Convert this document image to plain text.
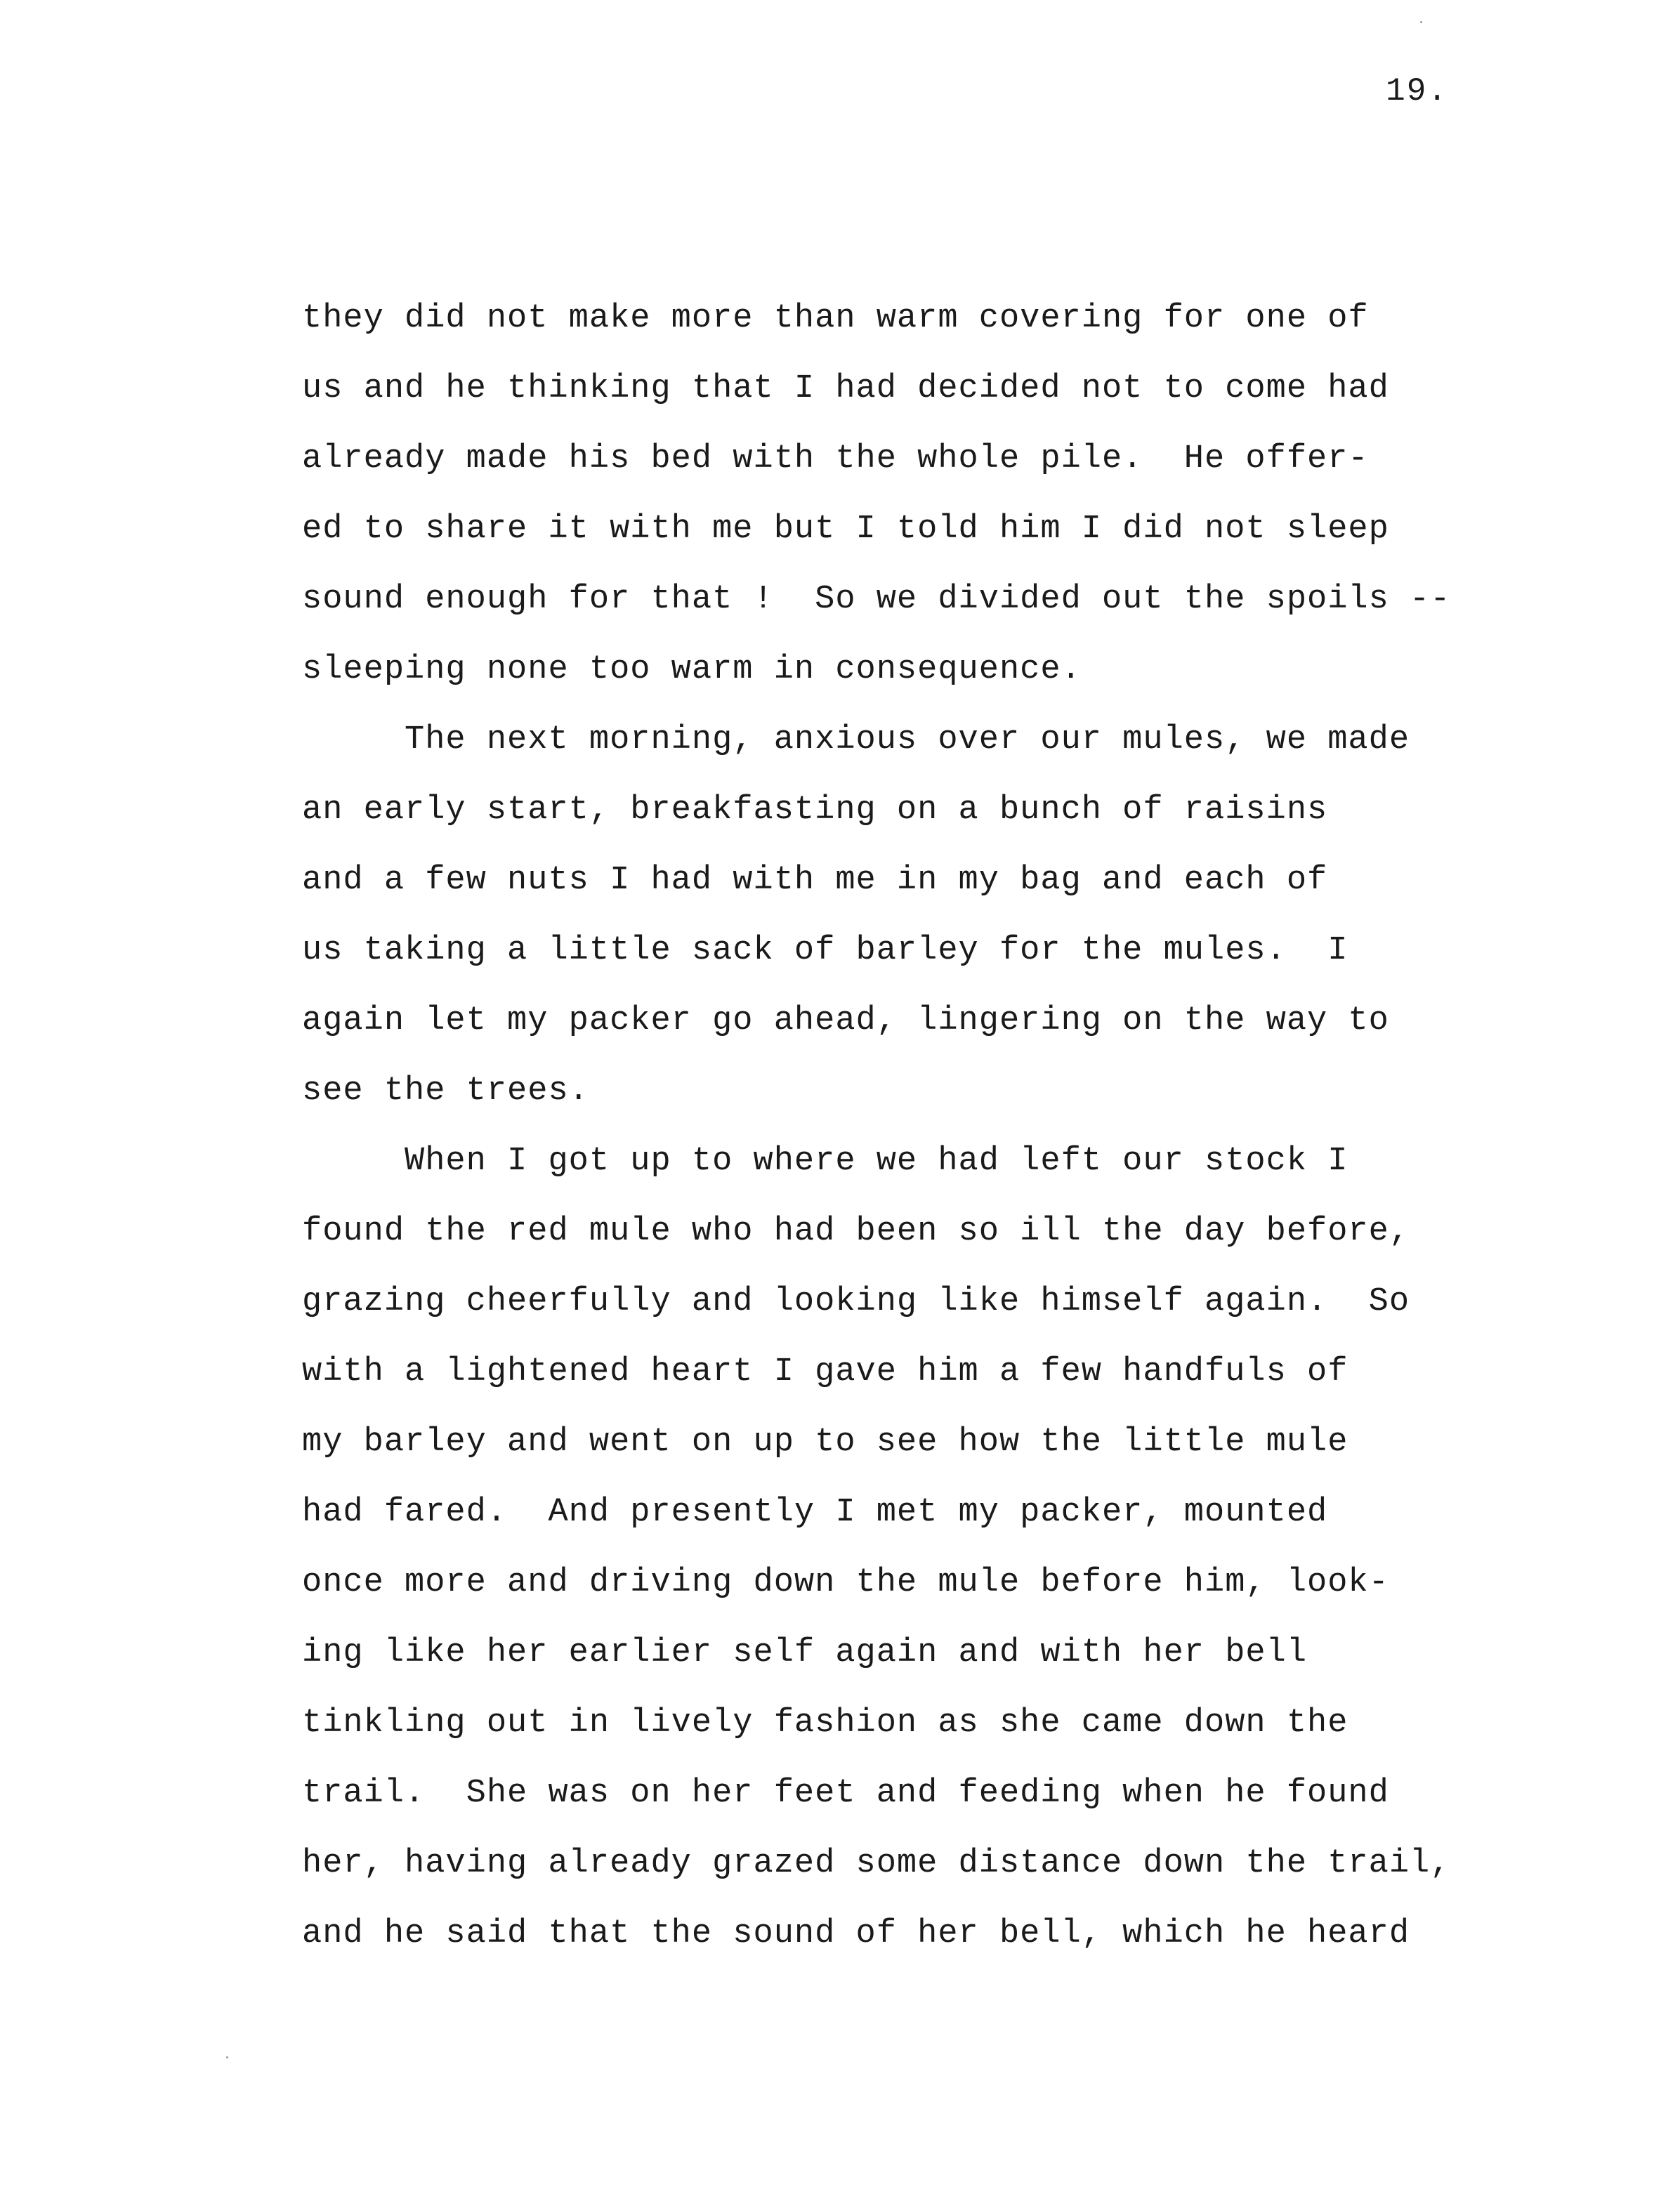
19.
they did not make more than warm covering for one of
us and he thinking that I had decided not to come had
already made his bed with the whole pile.  He offer-
ed to share it with me but I told him I did not sleep
sound enough for that !  So we divided out the spoils --
sleeping none too warm in consequence.
The next morning, anxious over our mules, we made
an early start, breakfasting on a bunch of raisins
and a few nuts I had with me in my bag and each of
us taking a little sack of barley for the mules.  I
again let my packer go ahead, lingering on the way to
see the trees.
When I got up to where we had left our stock I
found the red mule who had been so ill the day before,
grazing cheerfully and looking like himself again.  So
with a lightened heart I gave him a few handfuls of
my barley and went on up to see how the little mule
had fared.  And presently I met my packer, mounted
once more and driving down the mule before him, look-
ing like her earlier self again and with her bell
tinkling out in lively fashion as she came down the
trail.  She was on her feet and feeding when he found
her, having already grazed some distance down the trail,
and he said that the sound of her bell, which he heard
